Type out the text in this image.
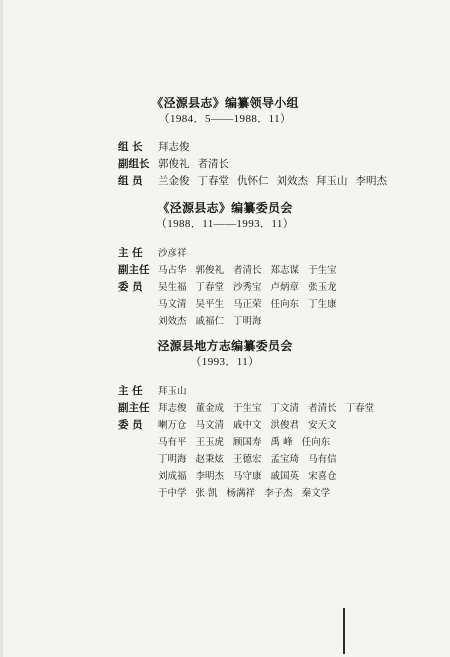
《泾源县志》编纂领导小组
（1984．5——1988．11）
组 长 拜志俊
副组长 郭俊礼 者清长
组 员 兰金俊 丁春堂 仇怀仁 刘效杰 拜玉山 李明杰
《泾源县志》编纂委员会
（1988．11——1993．11）
主 任 沙彦祥
副主任 马占华 郭俊礼 者清长 郑志谋 于生宝
委 员 吴生福 丁春堂 沙秀宝 卢炳章 张玉龙
马文清 吴平生 马正荣 任向东 丁生康
刘效杰 戚福仁 丁明海
泾源县地方志编纂委员会
（1993．11）
主 任 拜玉山
副主任 拜志俊 董金成 于生宝 丁文清 者清长 丁春堂
委 员 喇万仓 马文清 戚中文 洪俊君 安天文
马有平 王玉虎 顾国寿 禹 峰 任向东
丁明海 赵秉炫 王德宏 孟宝琦 马有信
刘成福 李明杰 马守康 戚国英 宋喜仓
于中学 张 凯 杨满祥 李子杰 秦文学
